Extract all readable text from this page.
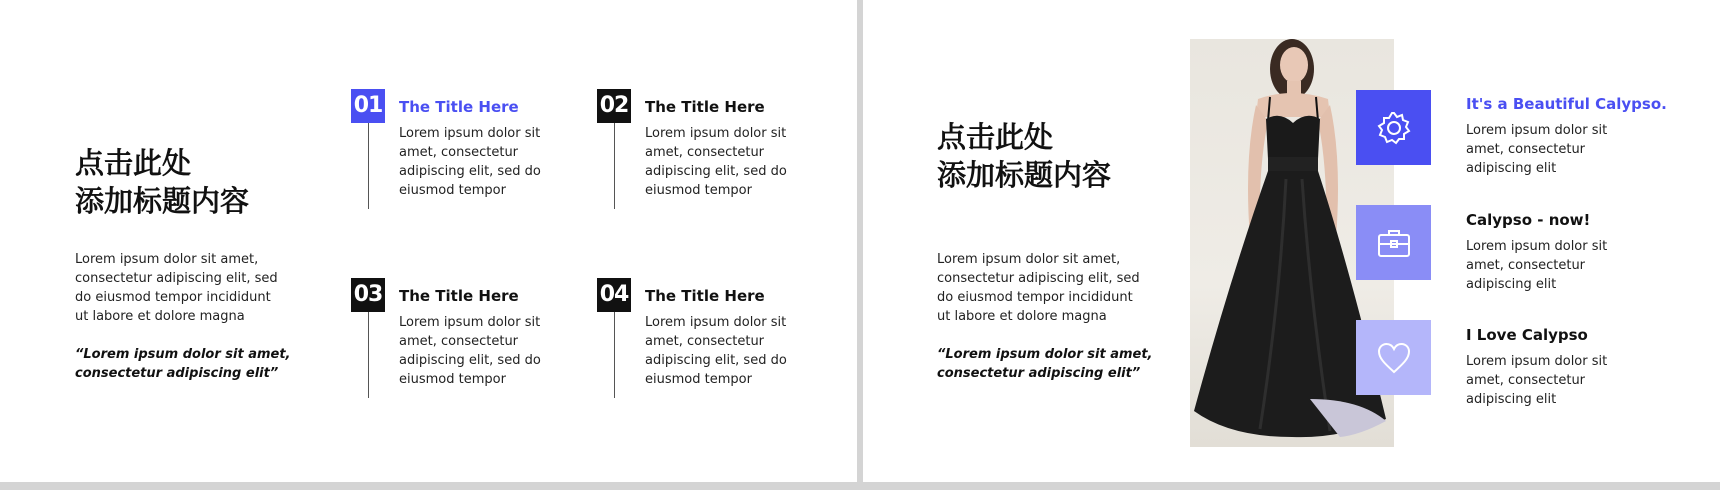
点击此处
添加标题内容

Lorem ipsum dolor sit amet, consectetur adipiscing elit, sed do eiusmod tempor incididunt ut labore et dolore magna

“Lorem ipsum dolor sit amet,
consectetur adipiscing elit”

01 The Title Here

Lorem ipsum dolor sit amet, consectetur adipiscing elit, sed do eiusmod tempor

02 The Title Here

Lorem ipsum dolor sit amet, consectetur adipiscing elit, sed do eiusmod tempor

03 The Title Here

Lorem ipsum dolor sit amet, consectetur adipiscing elit, sed do eiusmod tempor

04 The Title Here

Lorem ipsum dolor sit amet, consectetur adipiscing elit, sed do eiusmod tempor

点击此处
添加标题内容

Lorem ipsum dolor sit amet, consectetur adipiscing elit, sed do eiusmod tempor incididunt ut labore et dolore magna

“Lorem ipsum dolor sit amet,
consectetur adipiscing elit”

It's a Beautiful Calypso.

Lorem ipsum dolor sit amet, consectetur adipiscing elit

Calypso - now!

Lorem ipsum dolor sit amet, consectetur adipiscing elit

I Love Calypso

Lorem ipsum dolor sit amet, consectetur adipiscing elit
